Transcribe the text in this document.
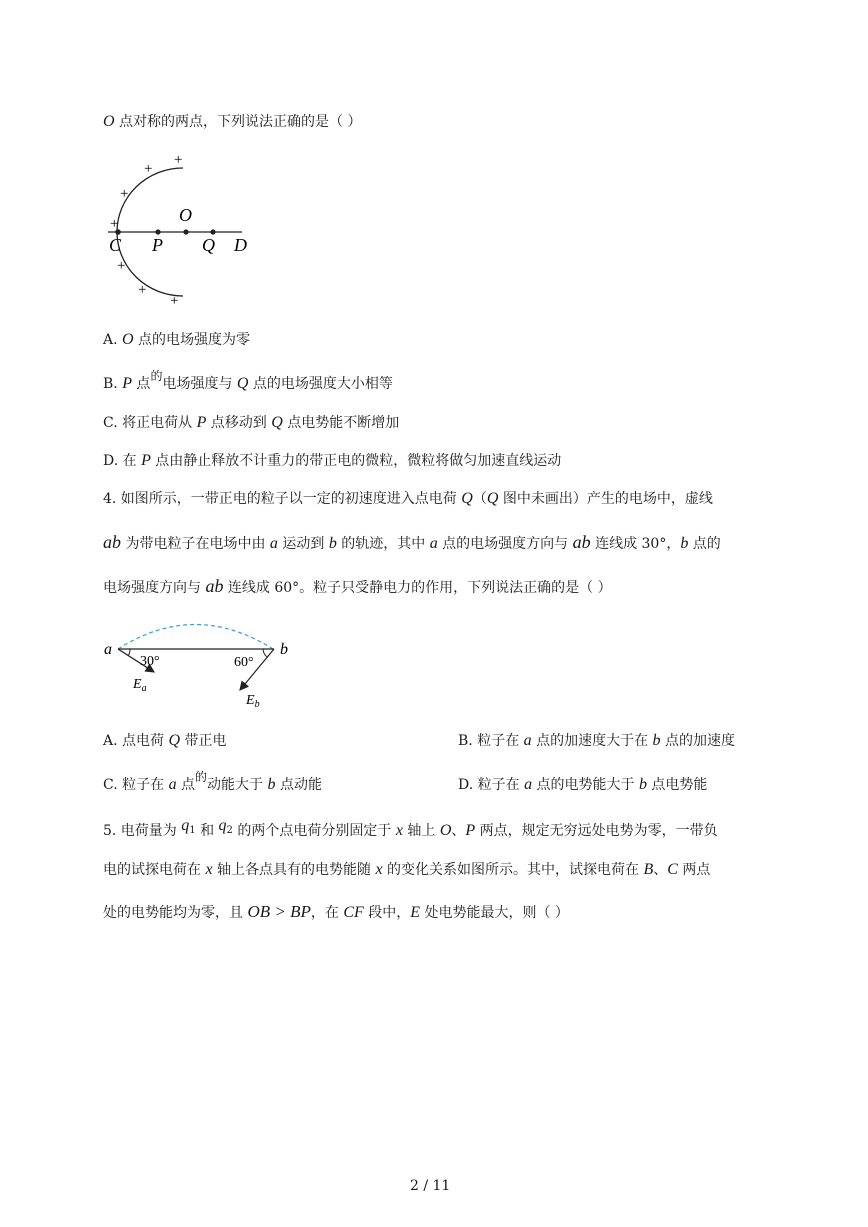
O 点对称的两点，下列说法正确的是（ ）
+
+
+
+
+
+
+
C P
O
Q D
A. O 点的电场强度为零
B. P 点的电场强度与 Q 点的电场强度大小相等
C. 将正电荷从 P 点移动到 Q 点电势能不断增加
D. 在 P 点由静止释放不计重力的带正电的微粒，微粒将做匀加速直线运动
4. 如图所示，一带正电的粒子以一定的初速度进入点电荷 Q（Q 图中未画出）产生的电场中，虚线
ab 为带电粒子在电场中由 a 运动到 b 的轨迹，其中 a 点的电场强度方向与 ab 连线成 30°，b 点的
电场强度方向与 ab 连线成 60°。粒子只受静电力的作用，下列说法正确的是（ ）
a	b
30°	60°
$E_a$
$E_b$
A. 点电荷 Q 带正电	B. 粒子在 a 点的加速度大于在 b 点的加速度
C. 粒子在 a 点的动能大于 b 点动能	D. 粒子在 a 点的电势能大于 b 点电势能
5. 电荷量为 q1 和 q2 的两个点电荷分别固定于 x 轴上 O、P 两点，规定无穷远处电势为零，一带负
电的试探电荷在 x 轴上各点具有的电势能随 x 的变化关系如图所示。其中，试探电荷在 B、C 两点
处的电势能均为零，且 OB > BP，在 CF 段中，E 处电势能最大，则（ ）
2 / 11
